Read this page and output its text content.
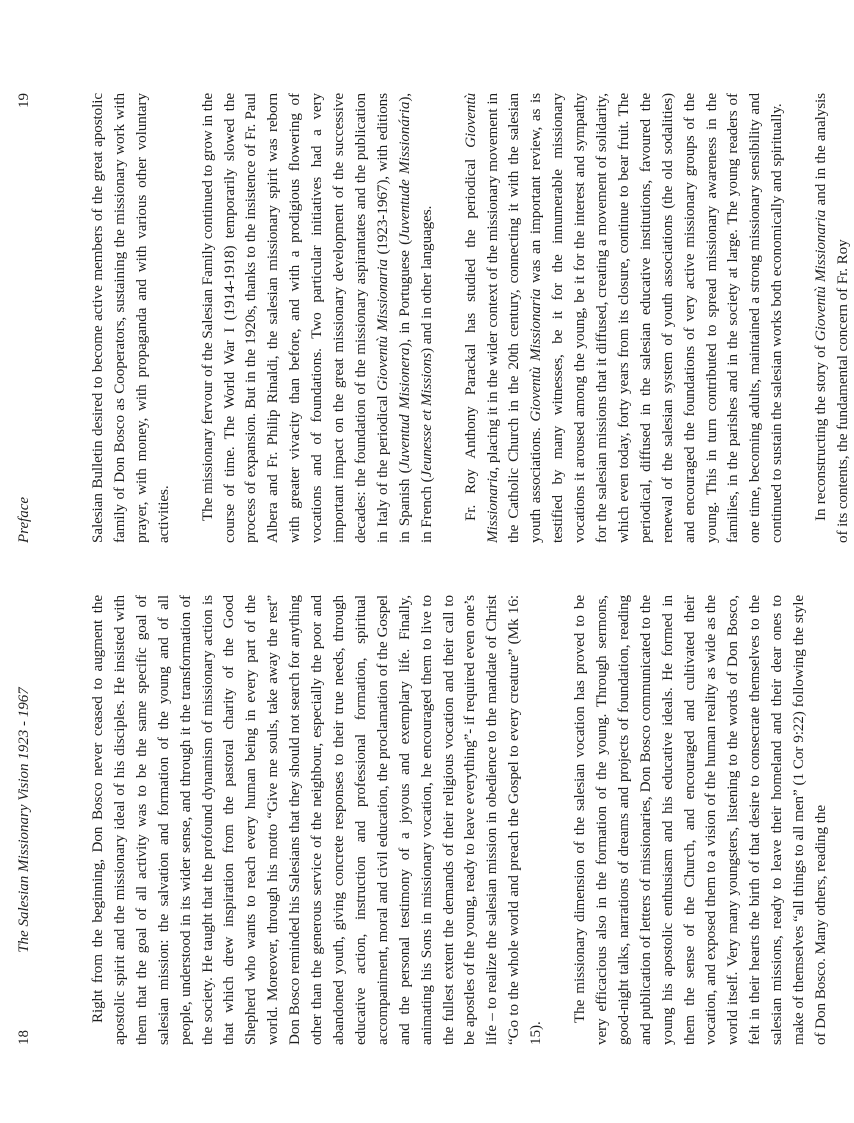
18
The Salesian Missionary Vision 1923 - 1967	Right from the beginning, Don Bosco never ceased to augment the apostolic spirit and the missionary ideal of his disciples. He insisted with them that the goal of all activity was to be the same specific goal of salesian mission: the salvation and formation of the young and of all people, understood in its wider sense, and through it the transformation of the society. He taught that the profound dynamism of missionary action is that which drew inspiration from the pastoral charity of the Good Shepherd who wants to reach every human being in every part of the world. Moreover, through his motto “Give me souls, take away the rest” Don Bosco reminded his Salesians that they should not search for anything other than the generous service of the neighbour, especially the poor and abandoned youth, giving concrete responses to their true needs, through educative action, instruction and professional formation, spiritual accompaniment, moral and civil education, the proclamation of the Gospel and the personal testimony of a joyous and exemplary life. Finally, animating his Sons in missionary vocation, he encouraged them to live to the fullest extent the demands of their religious vocation and their call to be apostles of the young, ready to leave everything”- if required even one’s life – to realize the salesian mission in obedience to the mandate of Christ “Go to the whole world and preach the Gospel to every creature” (Mk 16: 15).

The missionary dimension of the salesian vocation has proved to be very efficacious also in the formation of the young. Through sermons, good-night talks, narrations of dreams and projects of foundation, reading and publication of letters of missionaries, Don Bosco communicated to the young his apostolic enthusiasm and his educative ideals. He formed in them the sense of the Church, and encouraged and cultivated their vocation, and exposed them to a vision of the human reality as wide as the world itself. Very many youngsters, listening to the words of Don Bosco, felt in their hearts the birth of that desire to consecrate themselves to the salesian missions, ready to leave their homeland and their dear ones to make of themselves “all things to all men” (1 Cor 9:22) following the style of Don Bosco. Many others, reading the

Preface
19	Salesian Bulletin desired to become active members of the great apostolic family of Don Bosco as Cooperators, sustaining the missionary work with prayer, with money, with propaganda and with various other voluntary activities. The missionary fervour of the Salesian Family continued to grow in the course of time. The World War I (1914-1918) temporarily slowed the process of expansion. But in the 1920s, thanks to the insistence of Fr. Paul Albera and Fr. Philip Rinaldi, the salesian missionary spirit was reborn with greater vivacity than before, and with a prodigious flowering of vocations and of foundations. Two particular initiatives had a very important impact on the great missionary development of the successive decades: the foundation of the missionary aspirantates and the publication in Italy of the periodical Gioventù Missionaria (1923-1967), with editions in Spanish (Juventud Misionera), in Portuguese (Juventude Missionária), in French (Jeunesse et Missions) and in other languages. Fr. Roy Anthony Parackal has studied the periodical Gioventù Missionaria, placing it in the wider context of the missionary movement in the Catholic Church in the 20th century, connecting it with the salesian youth associations. Gioventù Missionaria was an important review, as is testified by many witnesses, be it for the innumerable missionary vocations it aroused among the young, be it for the interest and sympathy for the salesian missions that it diffused, creating a movement of solidarity, which even today, forty years from its closure, continue to bear fruit. The periodical, diffused in the salesian educative institutions, favoured the renewal of the salesian system of youth associations (the old sodalities) and encouraged the foundations of very active missionary groups of the young. This in turn contributed to spread missionary awareness in the families, in the parishes and in the society at large. The young readers of one time, becoming adults, maintained a strong missionary sensibility and continued to sustain the salesian works both economically and spiritually. In reconstructing the story of Gioventù Missionaria and in the analysis of its contents, the fundamental concern of Fr. Roy
